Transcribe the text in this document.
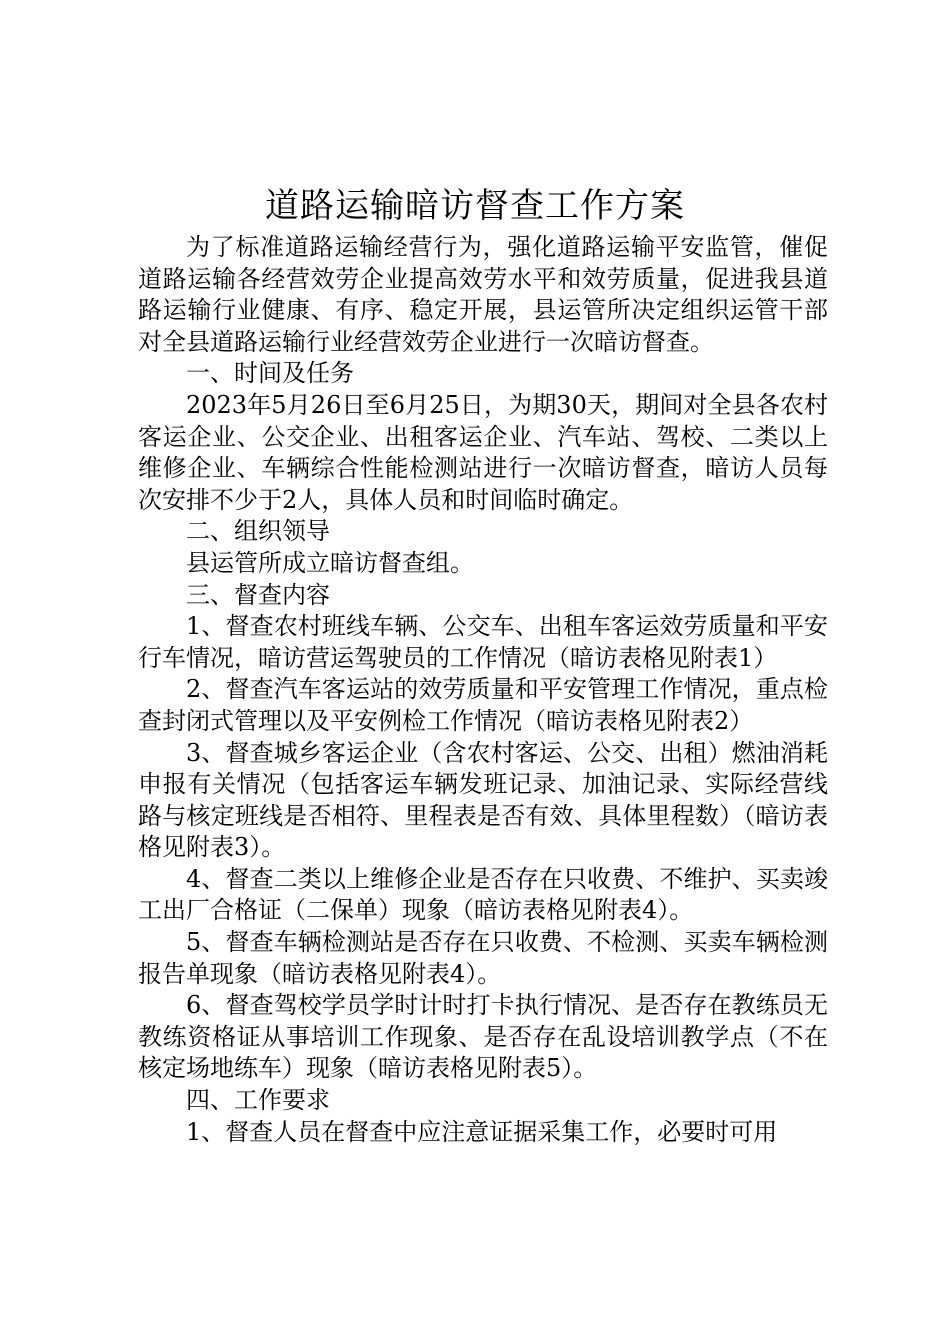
道路运输暗访督查工作方案

为了标准道路运输经营行为，强化道路运输平安监管，催促道路运输各经营效劳企业提高效劳水平和效劳质量，促进我县道路运输行业健康、有序、稳定开展，县运管所决定组织运管干部对全县道路运输行业经营效劳企业进行一次暗访督查。

一、时间及任务

2023年5月26日至6月25日，为期30天，期间对全县各农村客运企业、公交企业、出租客运企业、汽车站、驾校、二类以上维修企业、车辆综合性能检测站进行一次暗访督查，暗访人员每次安排不少于2人，具体人员和时间临时确定。

二、组织领导

县运管所成立暗访督查组。

三、督查内容

1、督查农村班线车辆、公交车、出租车客运效劳质量和平安行车情况，暗访营运驾驶员的工作情况（暗访表格见附表1）

2、督查汽车客运站的效劳质量和平安管理工作情况，重点检查封闭式管理以及平安例检工作情况（暗访表格见附表2）

3、督查城乡客运企业（含农村客运、公交、出租）燃油消耗申报有关情况（包括客运车辆发班记录、加油记录、实际经营线路与核定班线是否相符、里程表是否有效、具体里程数）（暗访表格见附表3）。

4、督查二类以上维修企业是否存在只收费、不维护、买卖竣工出厂合格证（二保单）现象（暗访表格见附表4）。

5、督查车辆检测站是否存在只收费、不检测、买卖车辆检测报告单现象（暗访表格见附表4）。

6、督查驾校学员学时计时打卡执行情况、是否存在教练员无教练资格证从事培训工作现象、是否存在乱设培训教学点（不在核定场地练车）现象（暗访表格见附表5）。

四、工作要求

1、督查人员在督查中应注意证据采集工作，必要时可用
